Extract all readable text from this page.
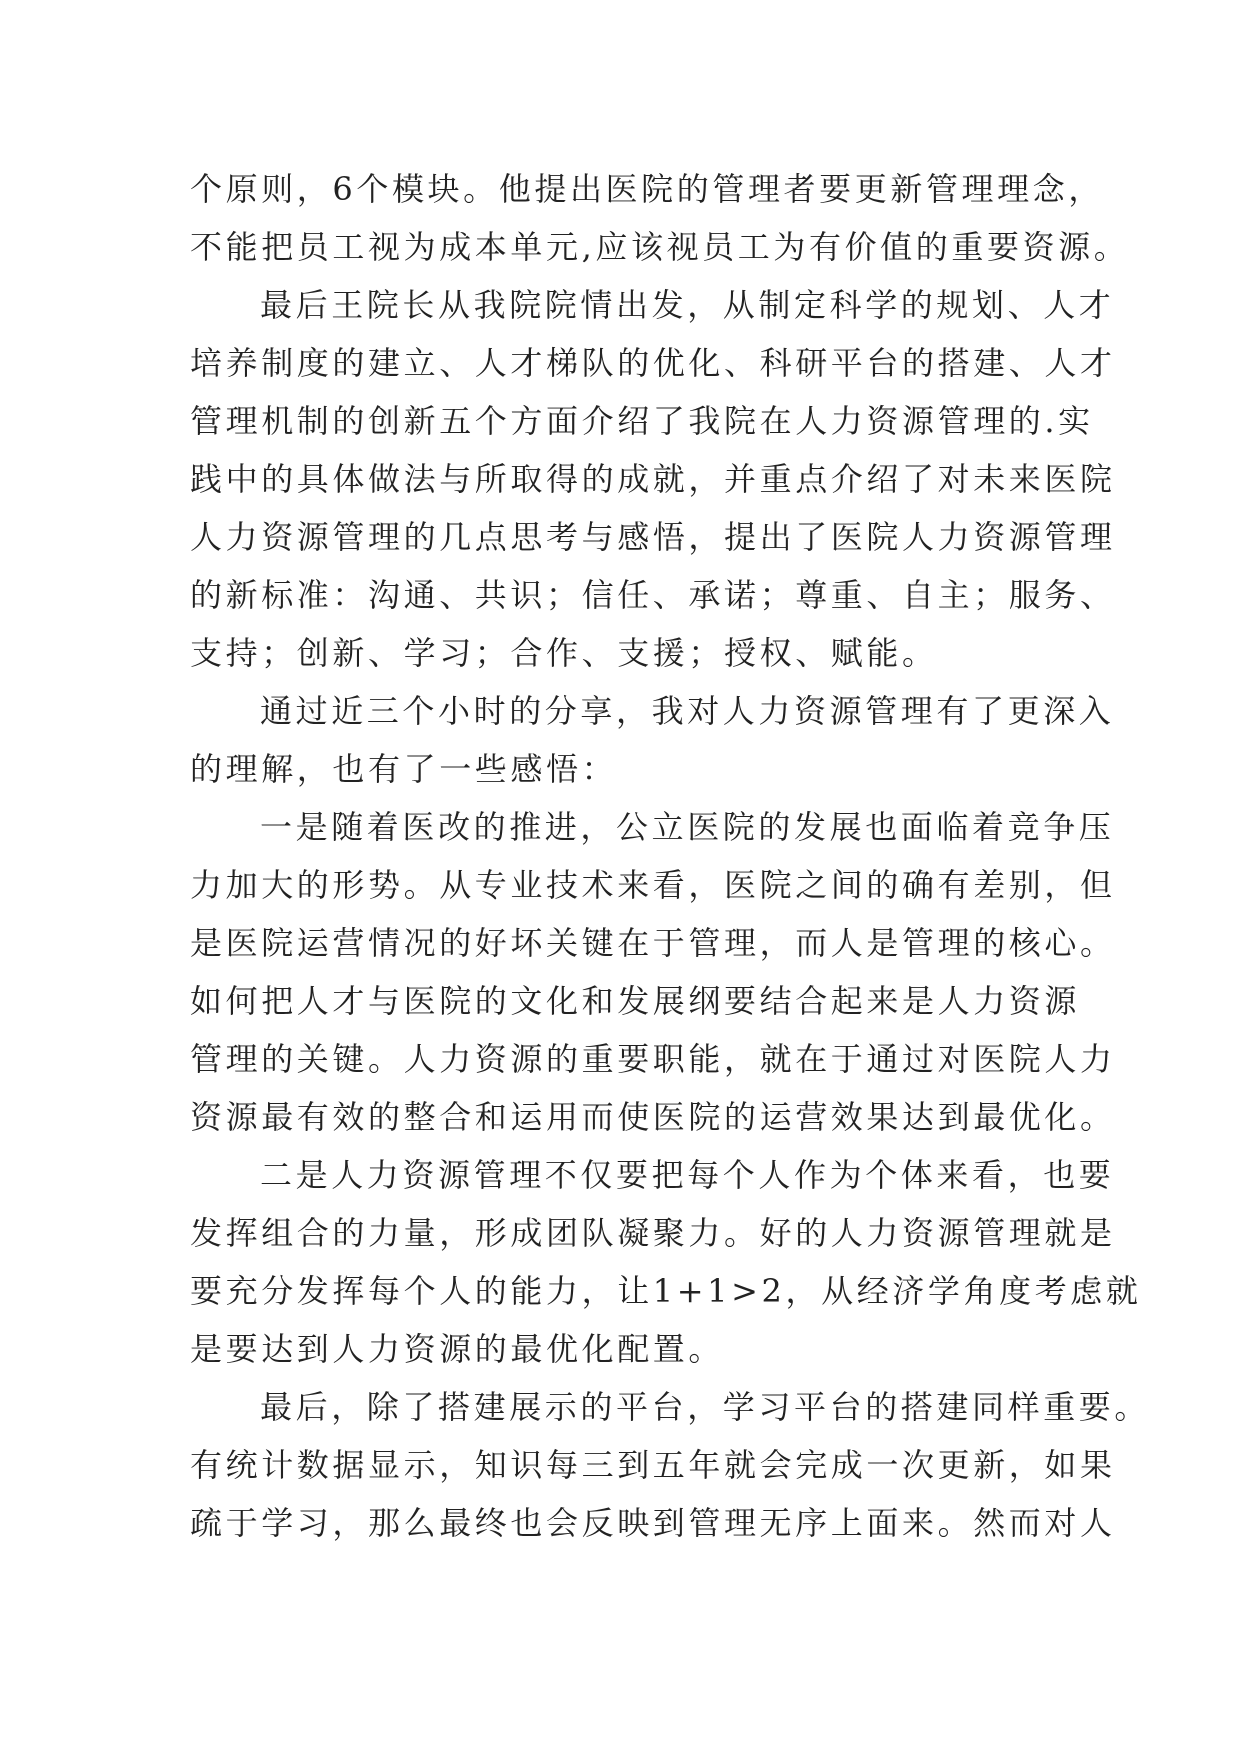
个原则，6个模块。他提出医院的管理者要更新管理理念，
不能把员工视为成本单元,应该视员工为有价值的重要资源。
最后王院长从我院院情出发，从制定科学的规划、人才
培养制度的建立、人才梯队的优化、科研平台的搭建、人才
管理机制的创新五个方面介绍了我院在人力资源管理的.实
践中的具体做法与所取得的成就，并重点介绍了对未来医院
人力资源管理的几点思考与感悟，提出了医院人力资源管理
的新标准：沟通、共识；信任、承诺；尊重、自主；服务、
支持；创新、学习；合作、支援；授权、赋能。
通过近三个小时的分享，我对人力资源管理有了更深入
的理解，也有了一些感悟：
一是随着医改的推进，公立医院的发展也面临着竞争压
力加大的形势。从专业技术来看，医院之间的确有差别，但
是医院运营情况的好坏关键在于管理，而人是管理的核心。
如何把人才与医院的文化和发展纲要结合起来是人力资源
管理的关键。人力资源的重要职能，就在于通过对医院人力
资源最有效的整合和运用而使医院的运营效果达到最优化。
二是人力资源管理不仅要把每个人作为个体来看，也要
发挥组合的力量，形成团队凝聚力。好的人力资源管理就是
要充分发挥每个人的能力，让1+1>2，从经济学角度考虑就
是要达到人力资源的最优化配置。
最后，除了搭建展示的平台，学习平台的搭建同样重要。
有统计数据显示，知识每三到五年就会完成一次更新，如果
疏于学习，那么最终也会反映到管理无序上面来。然而对人
